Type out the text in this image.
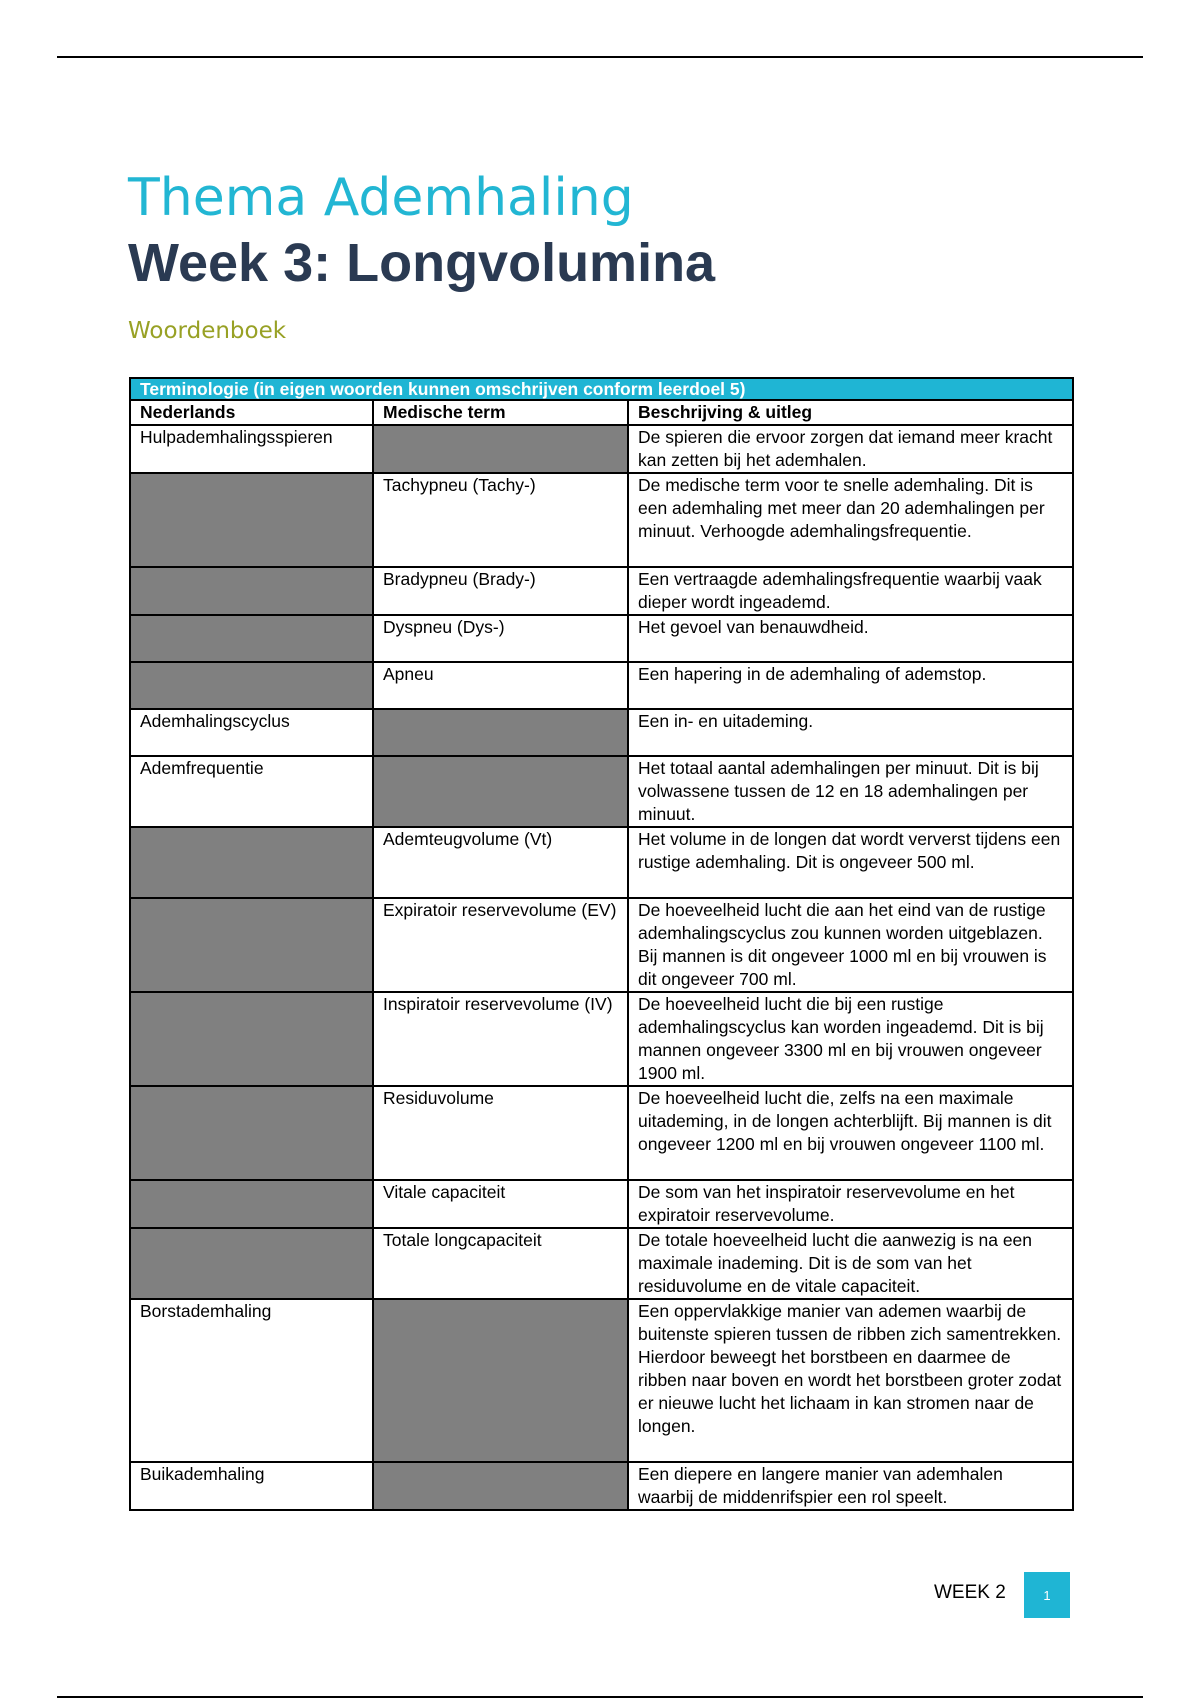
Thema Ademhaling
Week 3: Longvolumina
Woordenboek
Terminologie (in eigen woorden kunnen omschrijven conform leerdoel 5)		
Nederlands	Medische term	Beschrijving & uitleg
Hulpademhalingsspieren		De spieren die ervoor zorgen dat iemand meer kracht kan zetten bij het ademhalen.
	Tachypneu (Tachy-)	De medische term voor te snelle ademhaling. Dit is een ademhaling met meer dan 20 ademhalingen per minuut. Verhoogde ademhalingsfrequentie.
	Bradypneu (Brady-)	Een vertraagde ademhalingsfrequentie waarbij vaak dieper wordt ingeademd.
	Dyspneu (Dys-)	Het gevoel van benauwdheid.
	Apneu	Een hapering in de ademhaling of ademstop.
Ademhalingscyclus		Een in- en uitademing.
Ademfrequentie		Het totaal aantal ademhalingen per minuut. Dit is bij volwassene tussen de 12 en 18 ademhalingen per minuut.
	Ademteugvolume (Vt)	Het volume in de longen dat wordt ververst tijdens een rustige ademhaling. Dit is ongeveer 500 ml.
	Expiratoir reservevolume (EV)	De hoeveelheid lucht die aan het eind van de rustige ademhalingscyclus zou kunnen worden uitgeblazen. Bij mannen is dit ongeveer 1000 ml en bij vrouwen is dit ongeveer 700 ml.
	Inspiratoir reservevolume (IV)	De hoeveelheid lucht die bij een rustige ademhalingscyclus kan worden ingeademd. Dit is bij mannen ongeveer 3300 ml en bij vrouwen ongeveer 1900 ml.
	Residuvolume	De hoeveelheid lucht die, zelfs na een maximale uitademing, in de longen achterblijft. Bij mannen is dit ongeveer 1200 ml en bij vrouwen ongeveer 1100 ml.
	Vitale capaciteit	De som van het inspiratoir reservevolume en het expiratoir reservevolume.
	Totale longcapaciteit	De totale hoeveelheid lucht die aanwezig is na een maximale inademing. Dit is de som van het residuvolume en de vitale capaciteit.
Borstademhaling		Een oppervlakkige manier van ademen waarbij de buitenste spieren tussen de ribben zich samentrekken. Hierdoor beweegt het borstbeen en daarmee de ribben naar boven en wordt het borstbeen groter zodat er nieuwe lucht het lichaam in kan stromen naar de longen.
Buikademhaling		Een diepere en langere manier van ademhalen waarbij de middenrifspier een rol speelt.
WEEK 2	1
